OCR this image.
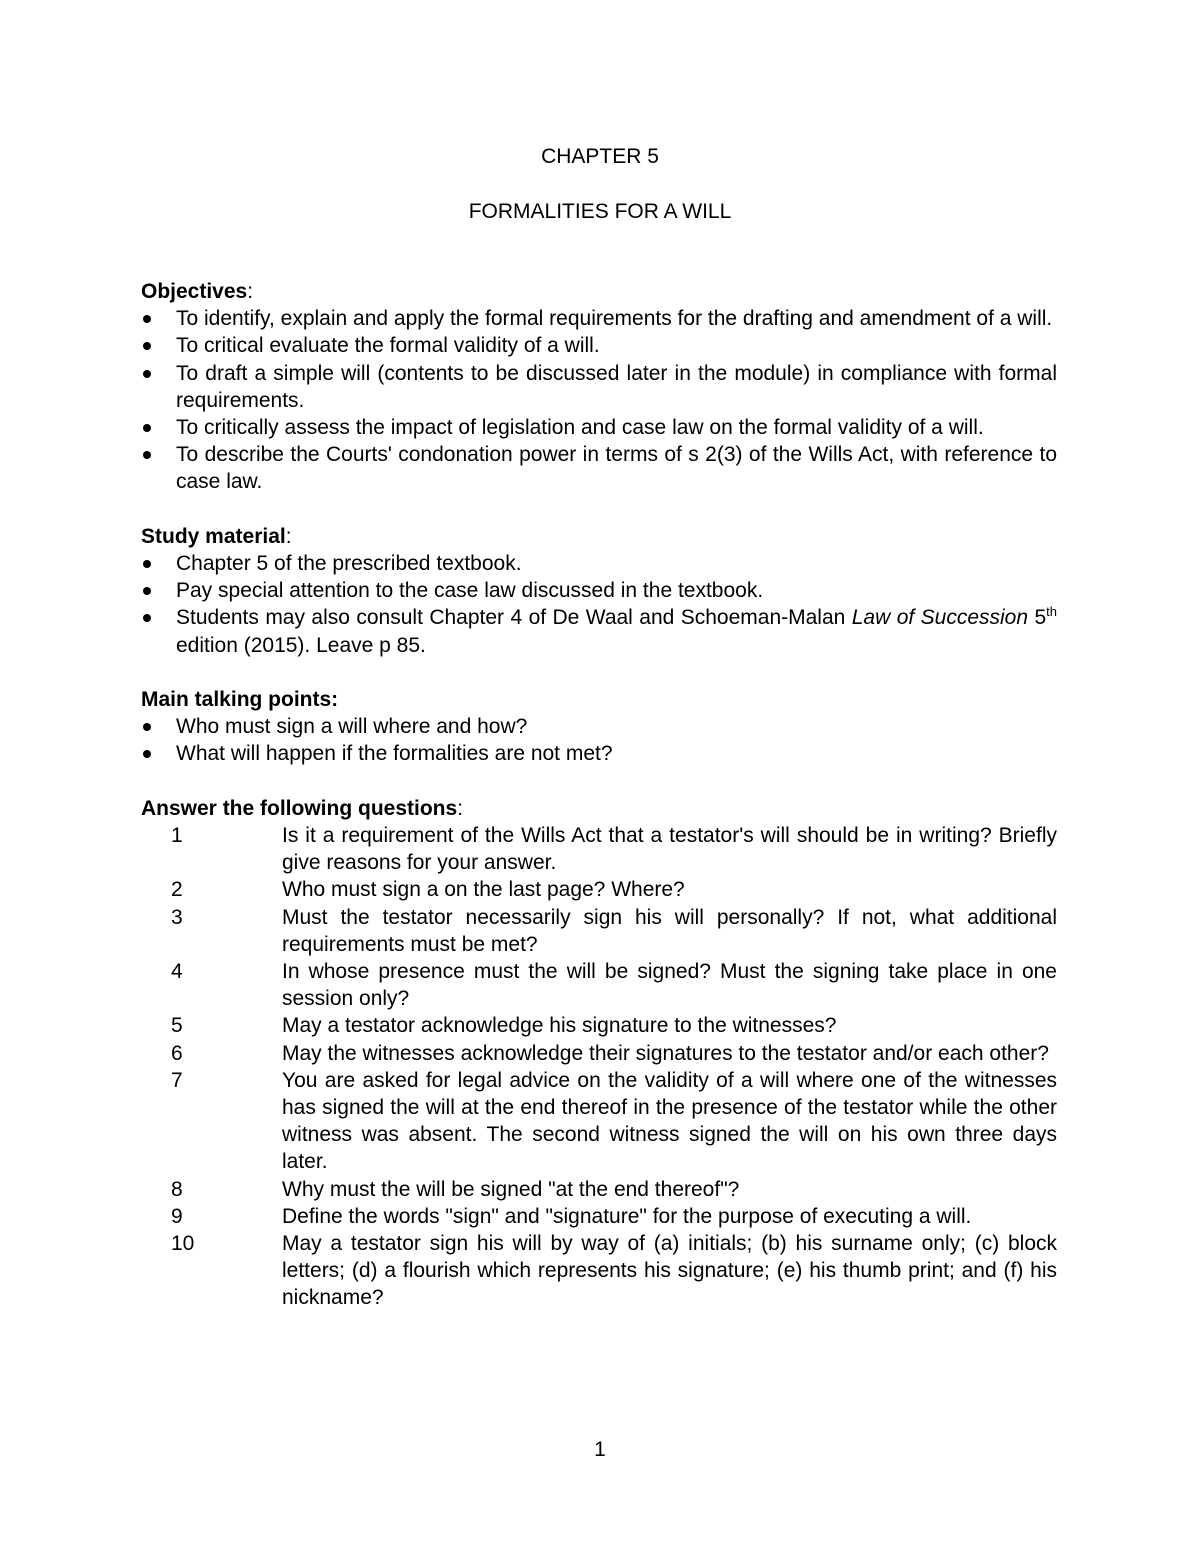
CHAPTER 5
FORMALITIES FOR A WILL

Objectives:

To identify, explain and apply the formal requirements for the drafting and amendment of a will.
To critical evaluate the formal validity of a will.
To draft a simple will (contents to be discussed later in the module) in compliance with formal requirements.
To critically assess the impact of legislation and case law on the formal validity of a will.
To describe the Courts' condonation power in terms of s 2(3) of the Wills Act, with reference to case law.

Study material:

Chapter 5 of the prescribed textbook.
Pay special attention to the case law discussed in the textbook.
Students may also consult Chapter 4 of De Waal and Schoeman-Malan Law of Succession 5th edition (2015). Leave p 85.

Main talking points:

Who must sign a will where and how?
What will happen if the formalities are not met?

Answer the following questions:

1	Is it a requirement of the Wills Act that a testator's will should be in writing? Briefly give reasons for your answer.
2	Who must sign a on the last page? Where?
3	Must the testator necessarily sign his will personally? If not, what additional requirements must be met?
4	In whose presence must the will be signed? Must the signing take place in one session only?
5	May a testator acknowledge his signature to the witnesses?
6	May the witnesses acknowledge their signatures to the testator and/or each other?
7	You are asked for legal advice on the validity of a will where one of the witnesses has signed the will at the end thereof in the presence of the testator while the other witness was absent. The second witness signed the will on his own three days later.
8	Why must the will be signed "at the end thereof"?
9	Define the words "sign" and "signature" for the purpose of executing a will.
10	May a testator sign his will by way of (a) initials; (b) his surname only; (c) block letters; (d) a flourish which represents his signature; (e) his thumb print; and (f) his nickname?
1
